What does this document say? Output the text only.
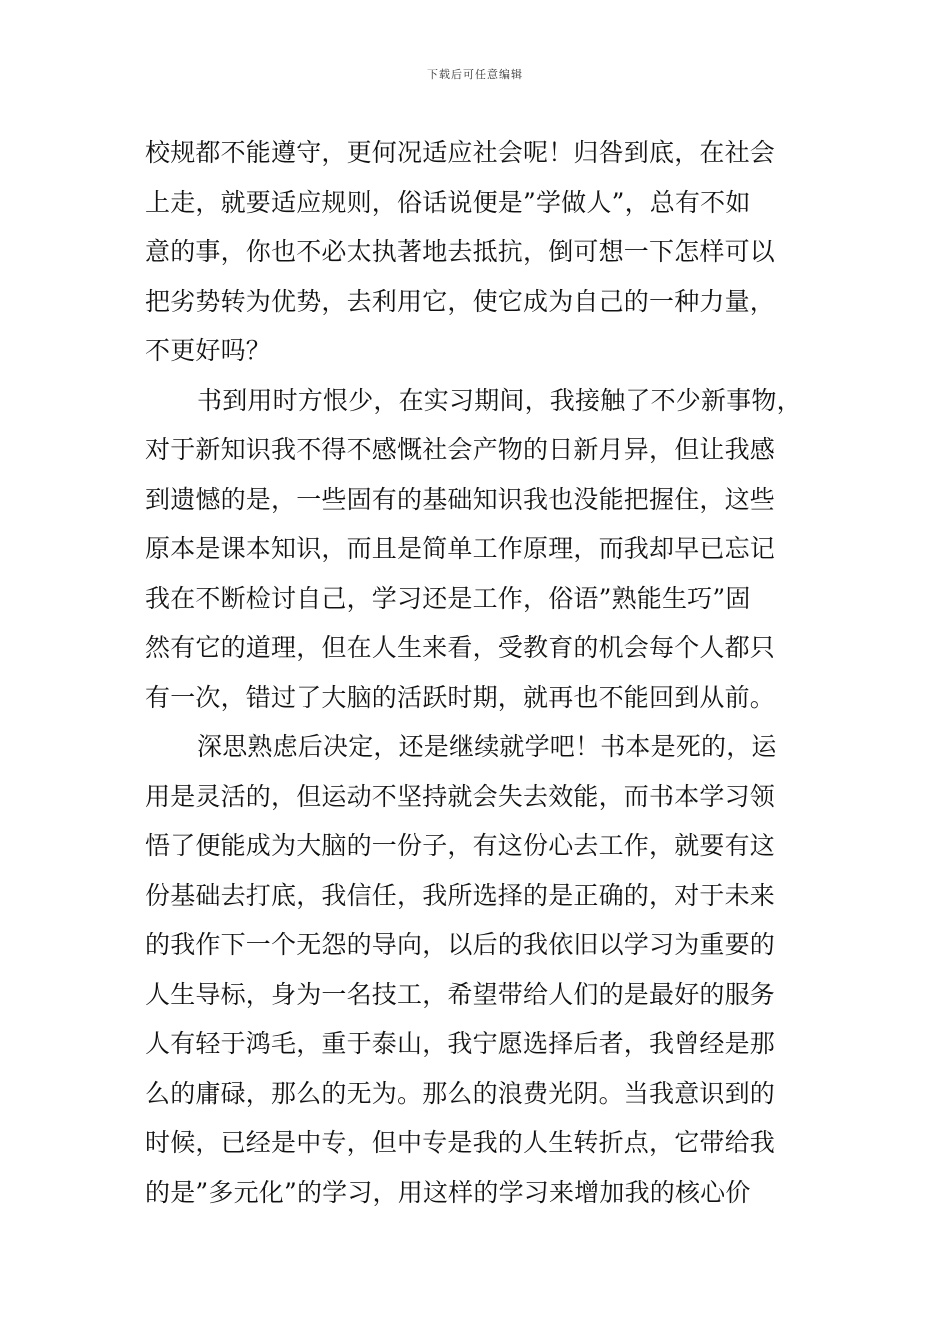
下载后可任意编辑
校规都不能遵守，更何况适应社会呢！归咎到底，在社会
上走，就要适应规则，俗话说便是”学做人”，总有不如
意的事，你也不必太执著地去抵抗，倒可想一下怎样可以
把劣势转为优势，去利用它，使它成为自己的一种力量，
不更好吗？
书到用时方恨少，在实习期间，我接触了不少新事物，
对于新知识我不得不感慨社会产物的日新月异，但让我感
到遗憾的是，一些固有的基础知识我也没能把握住，这些
原本是课本知识，而且是简单工作原理，而我却早已忘记
我在不断检讨自己，学习还是工作，俗语”熟能生巧”固
然有它的道理，但在人生来看，受教育的机会每个人都只
有一次，错过了大脑的活跃时期，就再也不能回到从前。
深思熟虑后决定，还是继续就学吧！书本是死的，运
用是灵活的，但运动不坚持就会失去效能，而书本学习领
悟了便能成为大脑的一份子，有这份心去工作，就要有这
份基础去打底，我信任，我所选择的是正确的，对于未来
的我作下一个无怨的导向，以后的我依旧以学习为重要的
人生导标，身为一名技工，希望带给人们的是最好的服务
人有轻于鸿毛，重于泰山，我宁愿选择后者，我曾经是那
么的庸碌，那么的无为。那么的浪费光阴。当我意识到的
时候，已经是中专，但中专是我的人生转折点，它带给我
的是”多元化”的学习，用这样的学习来增加我的核心价
